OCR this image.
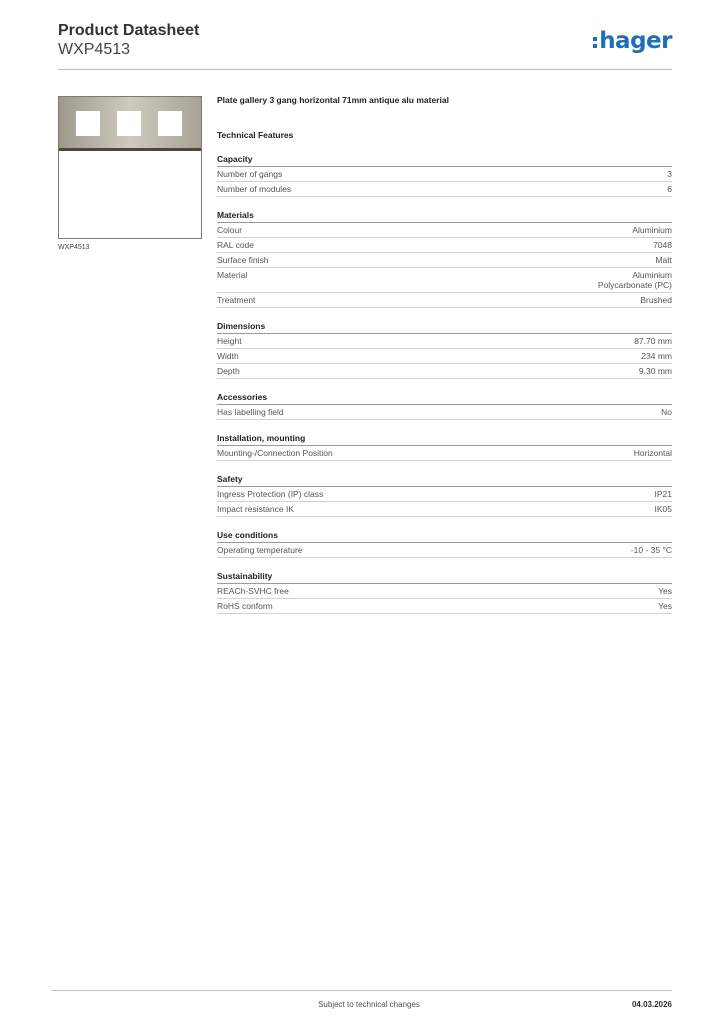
Product Datasheet
WXP4513	hager
WXP4513
Plate gallery 3 gang horizontal 71mm antique alu material
Technical Features
Capacity
Number of gangs	3
Number of modules	6
Materials
Colour	Aluminium
RAL code	7048
Surface finish	Matt
Material	Aluminium
Polycarbonate (PC)
Treatment	Brushed
Dimensions
Height	87.70 mm
Width	234 mm
Depth	9.30 mm
Accessories
Has labelling field	No
Installation, mounting
Mounting-/Connection Position	Horizontal
Safety
Ingress Protection (IP) class	IP21
Impact resistance IK	IK05
Use conditions
Operating temperature	-10 - 35 °C
Sustainability
REACh-SVHC free	Yes
RoHS conform	Yes
Subject to technical changes	04.03.2026
